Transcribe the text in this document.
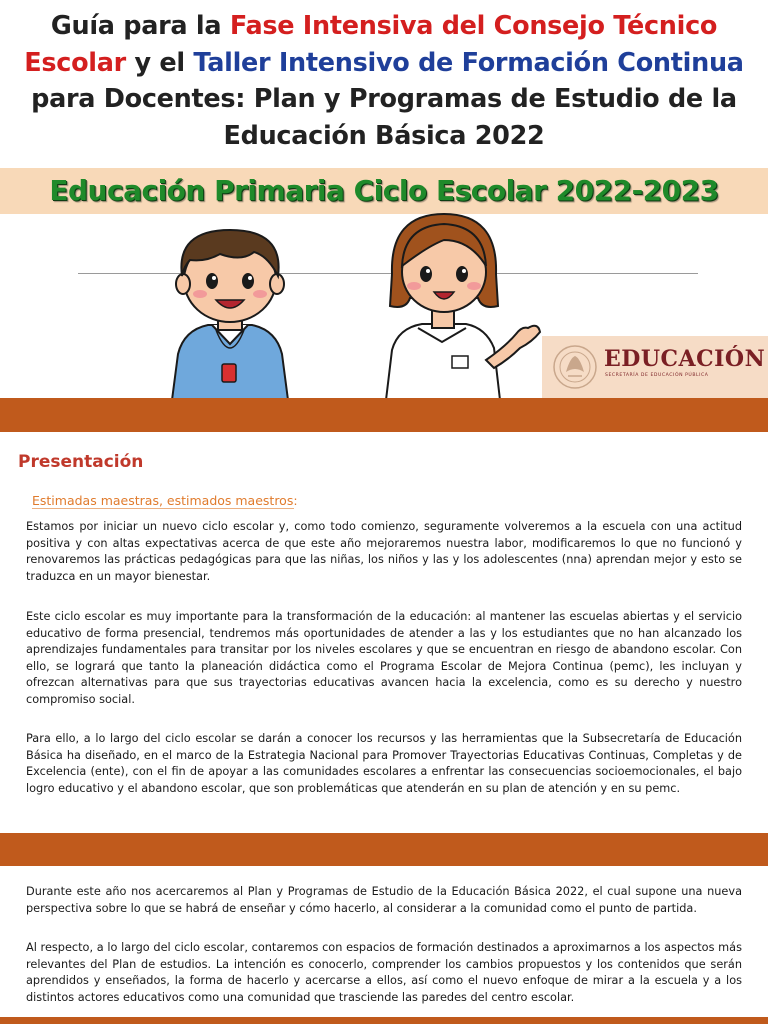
Guía para la Fase Intensiva del Consejo Técnico Escolar y el Taller Intensivo de Formación Continua para Docentes: Plan y Programas de Estudio de la Educación Básica 2022
Educación Primaria Ciclo Escolar 2022-2023
EDUCACIÓN
SECRETARÍA DE EDUCACIÓN PÚBLICA
Presentación
Estimadas maestras, estimados maestros:
Estamos por iniciar un nuevo ciclo escolar y, como todo comienzo, seguramente volveremos a la escuela con una actitud positiva y con altas expectativas acerca de que este año mejoraremos nuestra labor, modificaremos lo que no funcionó y renovaremos las prácticas pedagógicas para que las niñas, los niños y las y los adolescentes (nna) aprendan mejor y esto se traduzca en un mayor bienestar.
Este ciclo escolar es muy importante para la transformación de la educación: al mantener las escuelas abiertas y el servicio educativo de forma presencial, tendremos más oportunidades de atender a las y los estudiantes que no han alcanzado los aprendizajes fundamentales para transitar por los niveles escolares y que se encuentran en riesgo de abandono escolar. Con ello, se logrará que tanto la planeación didáctica como el Programa Escolar de Mejora Continua (pemc), les incluyan y ofrezcan alternativas para que sus trayectorias educativas avancen hacia la excelencia, como es su derecho y nuestro compromiso social.
Para ello, a lo largo del ciclo escolar se darán a conocer los recursos y las herramientas que la Subsecretaría de Educación Básica ha diseñado, en el marco de la Estrategia Nacional para Promover Trayectorias Educativas Continuas, Completas y de Excelencia (ente), con el fin de apoyar a las comunidades escolares a enfrentar las consecuencias socioemocionales, el bajo logro educativo y el abandono escolar, que son problemáticas que atenderán en su plan de atención y en su pemc.
Durante este año nos acercaremos al Plan y Programas de Estudio de la Educación Básica 2022, el cual supone una nueva perspectiva sobre lo que se habrá de enseñar y cómo hacerlo, al considerar a la comunidad como el punto de partida.
Al respecto, a lo largo del ciclo escolar, contaremos con espacios de formación destinados a aproximarnos a los aspectos más relevantes del Plan de estudios. La intención es conocerlo, comprender los cambios propuestos y los contenidos que serán aprendidos y enseñados, la forma de hacerlo y acercarse a ellos, así como el nuevo enfoque de mirar a la escuela y a los distintos actores educativos como una comunidad que trasciende las paredes del centro escolar.
